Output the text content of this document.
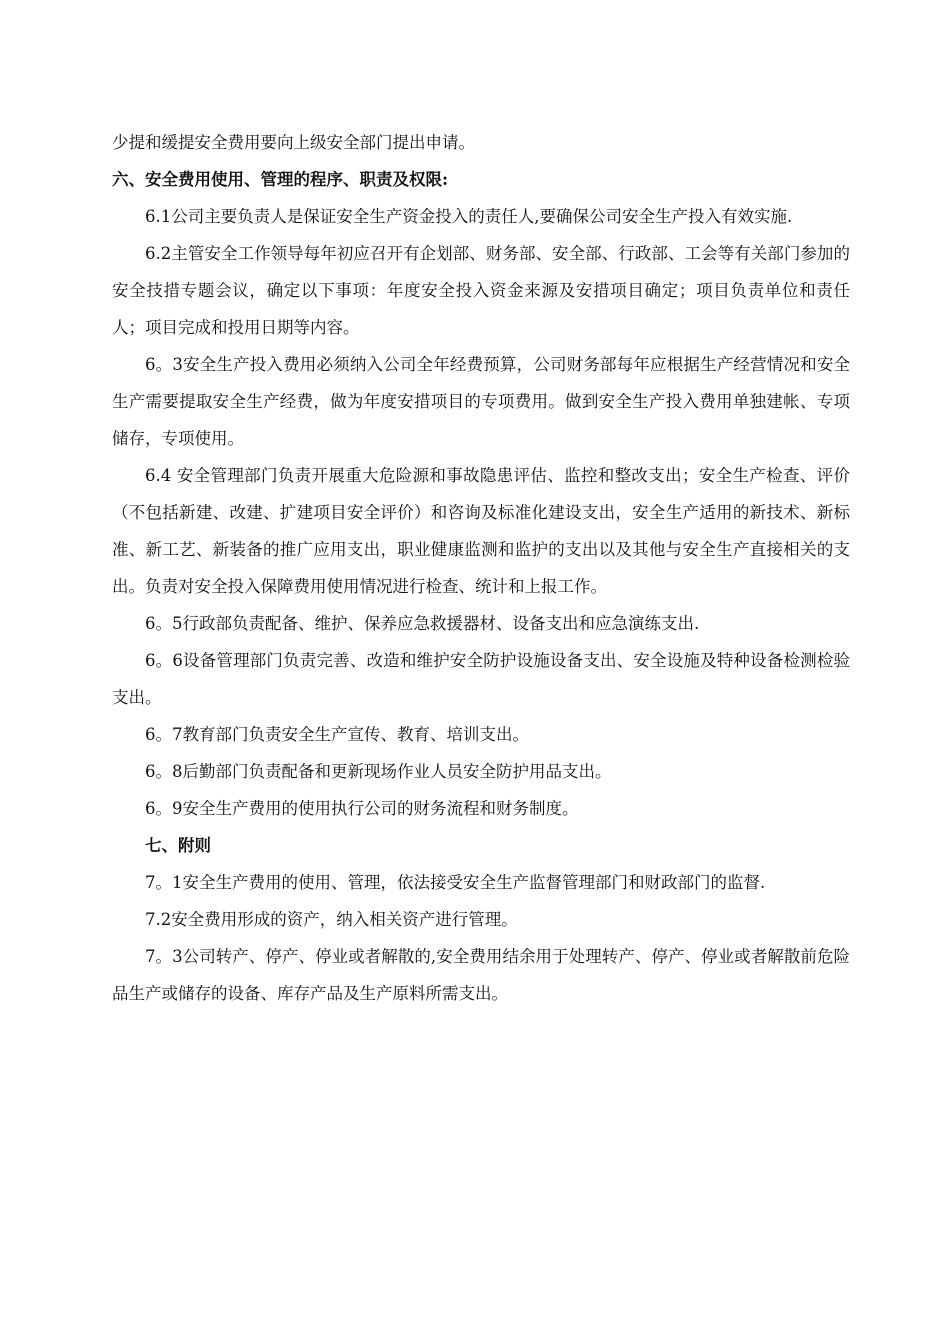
少提和缓提安全费用要向上级安全部门提出申请。

六、安全费用使用、管理的程序、职责及权限:

6.1公司主要负责人是保证安全生产资金投入的责任人,要确保公司安全生产投入有效实施.

6.2主管安全工作领导每年初应召开有企划部、财务部、安全部、行政部、工会等有关部门参加的安全技措专题会议，确定以下事项：年度安全投入资金来源及安措项目确定；项目负责单位和责任人；项目完成和投用日期等内容。

6。3安全生产投入费用必须纳入公司全年经费预算，公司财务部每年应根据生产经营情况和安全生产需要提取安全生产经费，做为年度安措项目的专项费用。做到安全生产投入费用单独建帐、专项储存，专项使用。

6.4 安全管理部门负责开展重大危险源和事故隐患评估、监控和整改支出；安全生产检查、评价（不包括新建、改建、扩建项目安全评价）和咨询及标准化建设支出，安全生产适用的新技术、新标准、新工艺、新装备的推广应用支出，职业健康监测和监护的支出以及其他与安全生产直接相关的支出。负责对安全投入保障费用使用情况进行检查、统计和上报工作。

6。5行政部负责配备、维护、保养应急救援器材、设备支出和应急演练支出.

6。6设备管理部门负责完善、改造和维护安全防护设施设备支出、安全设施及特种设备检测检验支出。

6。7教育部门负责安全生产宣传、教育、培训支出。

6。8后勤部门负责配备和更新现场作业人员安全防护用品支出。

6。9安全生产费用的使用执行公司的财务流程和财务制度。

七、附则

7。1安全生产费用的使用、管理，依法接受安全生产监督管理部门和财政部门的监督.

7.2安全费用形成的资产，纳入相关资产进行管理。

7。3公司转产、停产、停业或者解散的,安全费用结余用于处理转产、停产、停业或者解散前危险品生产或储存的设备、库存产品及生产原料所需支出。
